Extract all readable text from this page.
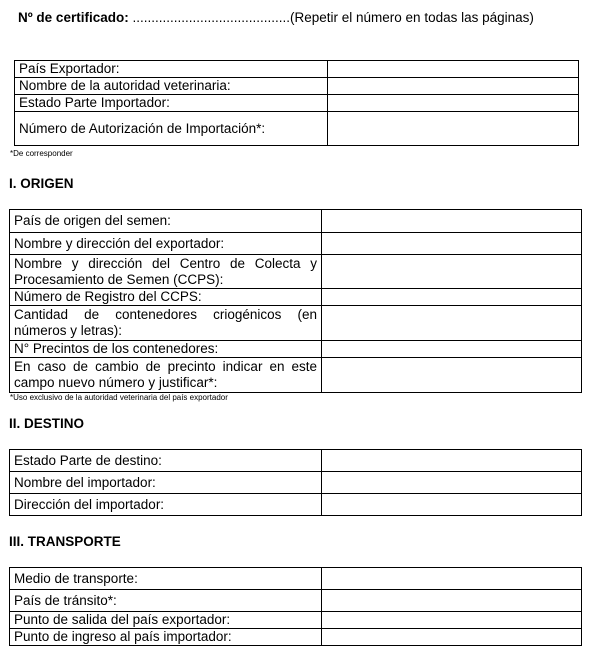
Nº de certificado: ..........................................(Repetir el número en todas las páginas)
País Exportador:	
Nombre de la autoridad veterinaria:	
Estado Parte Importador:	
Número de Autorización de Importación*:	
*De corresponder
I. ORIGEN
País de origen del semen:	
Nombre y dirección del exportador:	
Nombre y dirección del Centro de Colecta y Procesamiento de Semen (CCPS):	
Número de Registro del CCPS:	
Cantidad de contenedores criogénicos (en números y letras):	
N° Precintos de los contenedores:	
En caso de cambio de precinto indicar en este campo nuevo número y justificar*:	
*Uso exclusivo de la autoridad veterinaria del país exportador
II. DESTINO
Estado Parte de destino:	
Nombre del importador:	
Dirección del importador:	
III. TRANSPORTE
Medio de transporte:	
País de tránsito*:	
Punto de salida del país exportador:	
Punto de ingreso al país importador:	
